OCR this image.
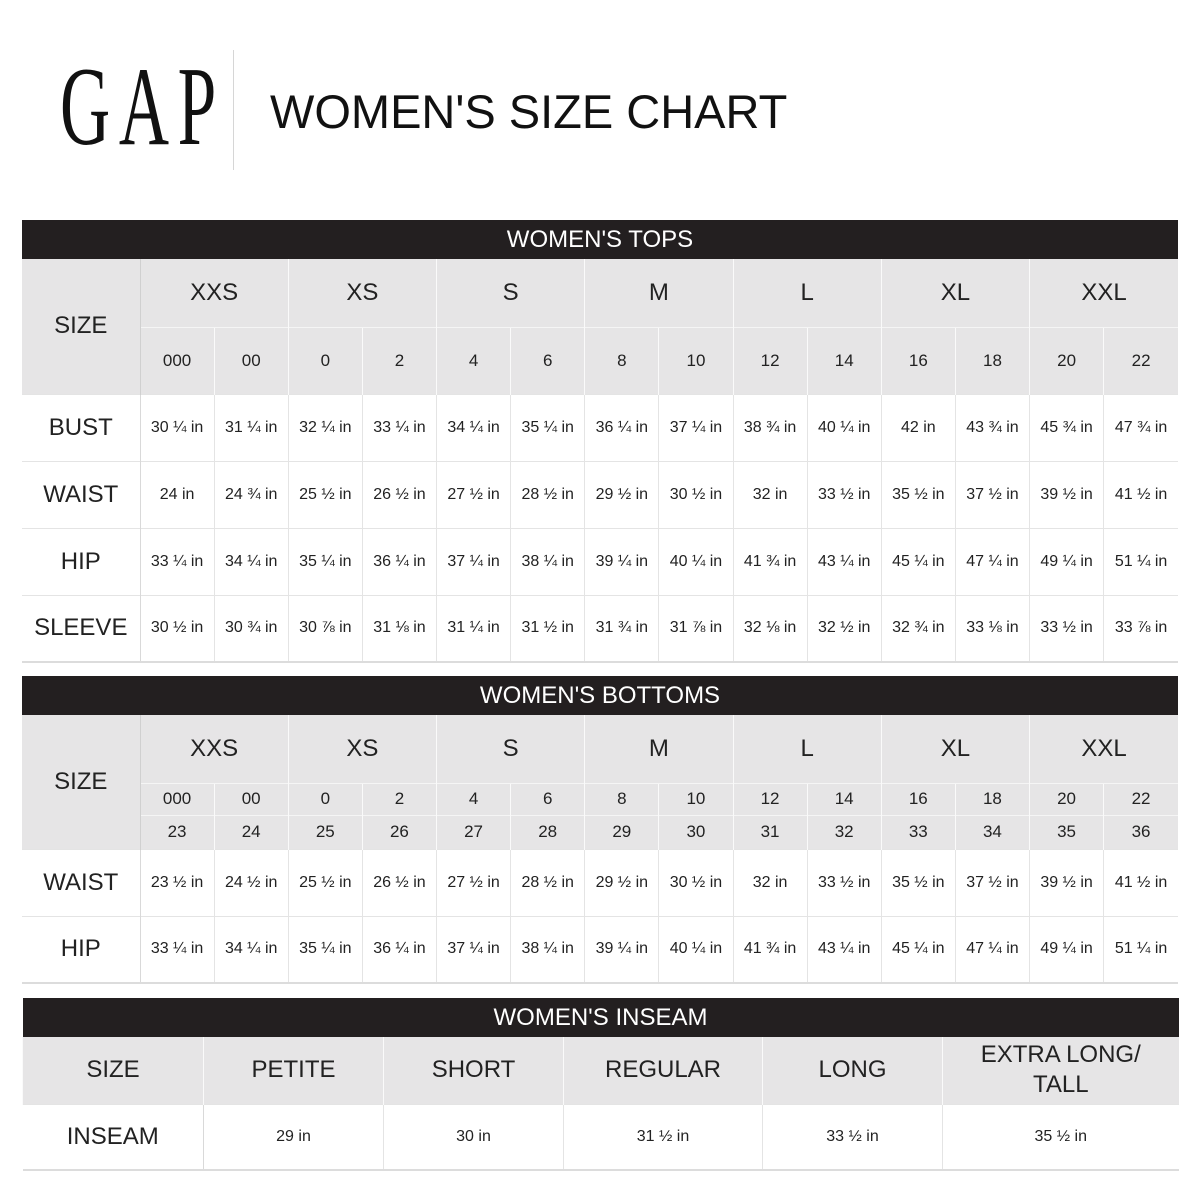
GAP WOMEN'S SIZE CHART
WOMEN'S TOPS														
SIZE	XXS		XS		S		M		L		XL		XXL	
	000	00	0	2	4	6	8	10	12	14	16	18	20	22
BUST	30 ¼ in	31 ¼ in	32 ¼ in	33 ¼ in	34 ¼ in	35 ¼ in	36 ¼ in	37 ¼ in	38 ¾ in	40 ¼ in	42 in	43 ¾ in	45 ¾ in	47 ¾ in
WAIST	24 in	24 ¾ in	25 ½ in	26 ½ in	27 ½ in	28 ½ in	29 ½ in	30 ½ in	32 in	33 ½ in	35 ½ in	37 ½ in	39 ½ in	41 ½ in
HIP	33 ¼ in	34 ¼ in	35 ¼ in	36 ¼ in	37 ¼ in	38 ¼ in	39 ¼ in	40 ¼ in	41 ¾ in	43 ¼ in	45 ¼ in	47 ¼ in	49 ¼ in	51 ¼ in
SLEEVE	30 ½ in	30 ¾ in	30 ⅞ in	31 ⅛ in	31 ¼ in	31 ½ in	31 ¾ in	31 ⅞ in	32 ⅛ in	32 ½ in	32 ¾ in	33 ⅛ in	33 ½ in	33 ⅞ in
WOMEN'S BOTTOMS														
SIZE	XXS		XS		S		M		L		XL		XXL	
	000	00	0	2	4	6	8	10	12	14	16	18	20	22
	23	24	25	26	27	28	29	30	31	32	33	34	35	36
WAIST	23 ½ in	24 ½ in	25 ½ in	26 ½ in	27 ½ in	28 ½ in	29 ½ in	30 ½ in	32 in	33 ½ in	35 ½ in	37 ½ in	39 ½ in	41 ½ in
HIP	33 ¼ in	34 ¼ in	35 ¼ in	36 ¼ in	37 ¼ in	38 ¼ in	39 ¼ in	40 ¼ in	41 ¾ in	43 ¼ in	45 ¼ in	47 ¼ in	49 ¼ in	51 ¼ in
WOMEN'S INSEAM					
SIZE	PETITE	SHORT	REGULAR	LONG	EXTRA LONG/ TALL
INSEAM	29 in	30 in	31 ½ in	33 ½ in	35 ½ in
